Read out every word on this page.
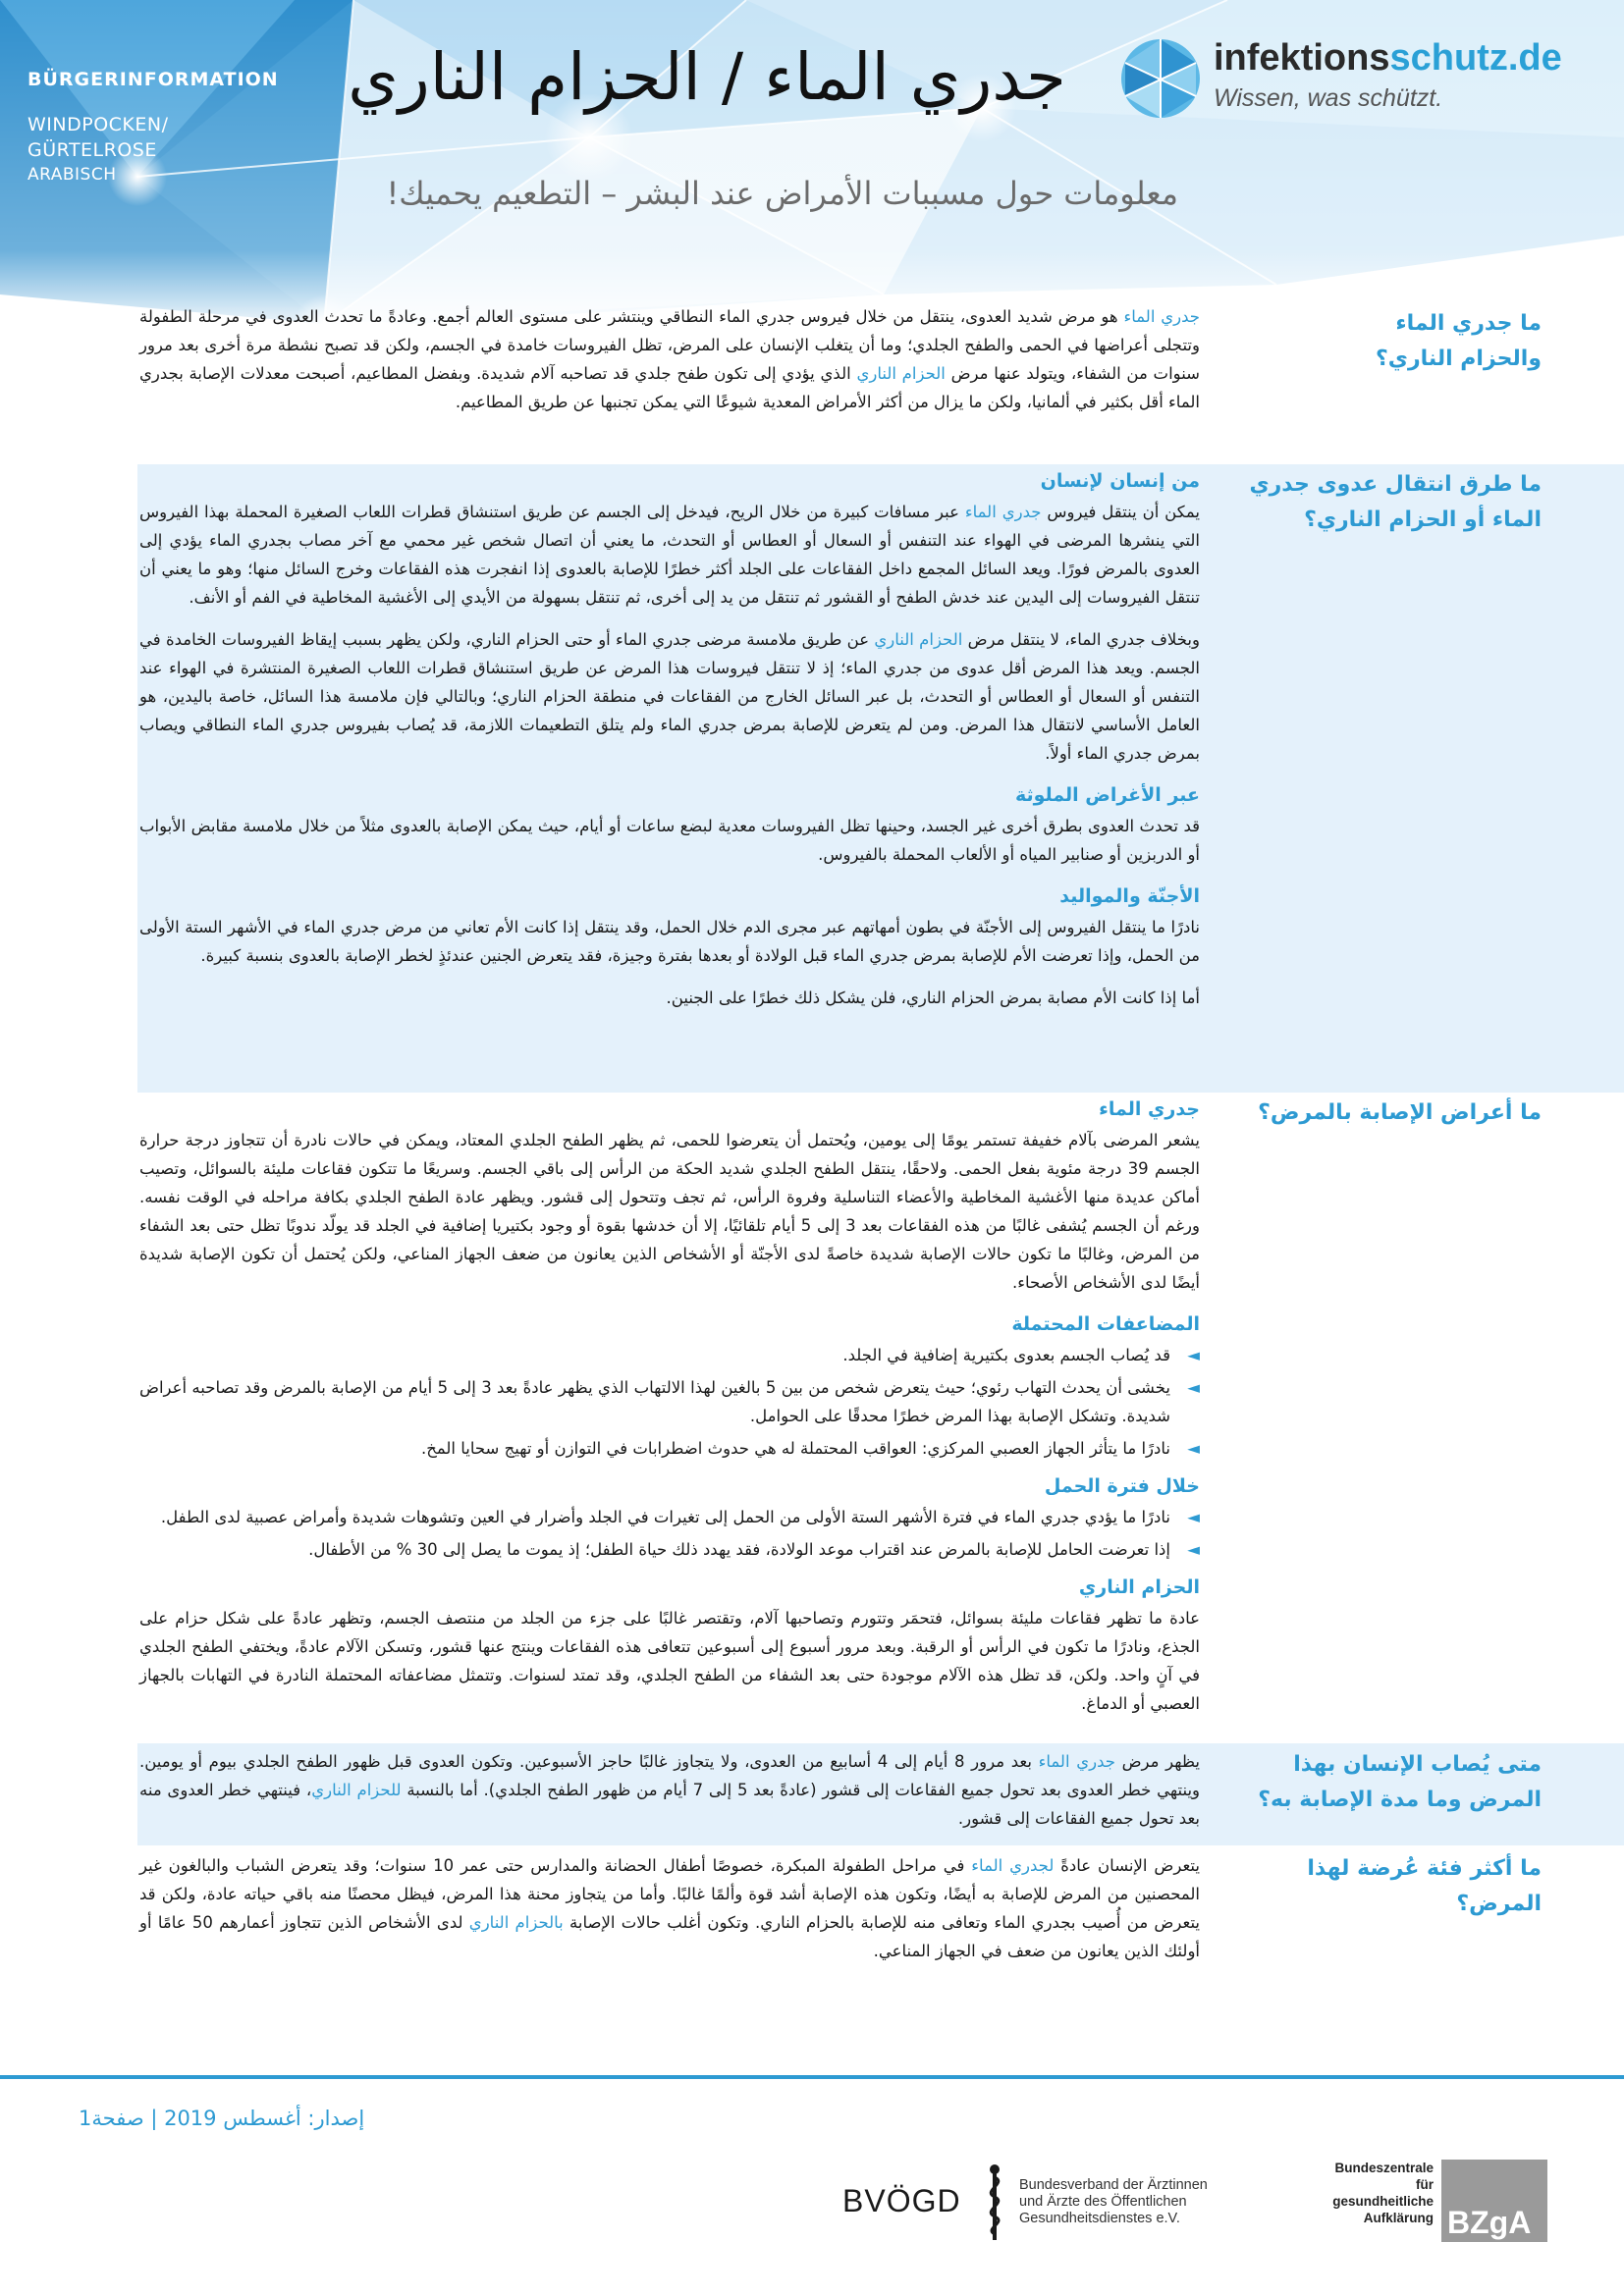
BÜRGERINFORMATION
WINDPOCKEN/
GÜRTELROSE
ARABISCH
جدري الماء / الحزام الناري
معلومات حول مسببات الأمراض عند البشر – التطعيم يحميك!
infektionsschutz.de
Wissen, was schützt.
ما جدري الماء
والحزام الناري؟

جدري الماء هو مرض شديد العدوى، ينتقل من خلال فيروس جدري الماء النطاقي وينتشر على مستوى العالم أجمع. وعادةً ما تحدث العدوى في مرحلة الطفولة وتتجلى أعراضها في الحمى والطفح الجلدي؛ وما أن يتغلب الإنسان على المرض، تظل الفيروسات خامدة في الجسم، ولكن قد تصبح نشطة مرة أخرى بعد مرور سنوات من الشفاء، ويتولد عنها مرض الحزام الناري الذي يؤدي إلى تكون طفح جلدي قد تصاحبه آلام شديدة. وبفضل المطاعيم، أصبحت معدلات الإصابة بجدري الماء أقل بكثير في ألمانيا، ولكن ما يزال من أكثر الأمراض المعدية شيوعًا التي يمكن تجنبها عن طريق المطاعيم.

ما طرق انتقال عدوى جدري
الماء أو الحزام الناري؟
من إنسان لإنسان

يمكن أن ينتقل فيروس جدري الماء عبر مسافات كبيرة من خلال الريح، فيدخل إلى الجسم عن طريق استنشاق قطرات اللعاب الصغيرة المحملة بهذا الفيروس التي ينشرها المرضى في الهواء عند التنفس أو السعال أو العطاس أو التحدث، ما يعني أن اتصال شخص غير محمي مع آخر مصاب بجدري الماء يؤدي إلى العدوى بالمرض فورًا. ويعد السائل المجمع داخل الفقاعات على الجلد أكثر خطرًا للإصابة بالعدوى إذا انفجرت هذه الفقاعات وخرج السائل منها؛ وهو ما يعني أن تنتقل الفيروسات إلى اليدين عند خدش الطفح أو القشور ثم تنتقل من يد إلى أخرى، ثم تنتقل بسهولة من الأيدي إلى الأغشية المخاطية في الفم أو الأنف.

وبخلاف جدري الماء، لا ينتقل مرض الحزام الناري عن طريق ملامسة مرضى جدري الماء أو حتى الحزام الناري، ولكن يظهر بسبب إيقاظ الفيروسات الخامدة في الجسم. ويعد هذا المرض أقل عدوى من جدري الماء؛ إذ لا تنتقل فيروسات هذا المرض عن طريق استنشاق قطرات اللعاب الصغيرة المنتشرة في الهواء عند التنفس أو السعال أو العطاس أو التحدث، بل عبر السائل الخارج من الفقاعات في منطقة الحزام الناري؛ وبالتالي فإن ملامسة هذا السائل، خاصة باليدين، هو العامل الأساسي لانتقال هذا المرض. ومن لم يتعرض للإصابة بمرض جدري الماء ولم يتلق التطعيمات اللازمة، قد يُصاب بفيروس جدري الماء النطاقي ويصاب بمرض جدري الماء أولاً.

عبر الأغراض الملوثة

قد تحدث العدوى بطرق أخرى غير الجسد، وحينها تظل الفيروسات معدية لبضع ساعات أو أيام، حيث يمكن الإصابة بالعدوى مثلاً من خلال ملامسة مقابض الأبواب أو الدربزين أو صنابير المياه أو الألعاب المحملة بالفيروس.

الأجنّة والمواليد

نادرًا ما ينتقل الفيروس إلى الأجنّة في بطون أمهاتهم عبر مجرى الدم خلال الحمل، وقد ينتقل إذا كانت الأم تعاني من مرض جدري الماء في الأشهر الستة الأولى من الحمل، وإذا تعرضت الأم للإصابة بمرض جدري الماء قبل الولادة أو بعدها بفترة وجيزة، فقد يتعرض الجنين عندئذٍ لخطر الإصابة بالعدوى بنسبة كبيرة.

أما إذا كانت الأم مصابة بمرض الحزام الناري، فلن يشكل ذلك خطرًا على الجنين.

ما أعراض الإصابة بالمرض؟
جدري الماء

يشعر المرضى بآلام خفيفة تستمر يومًا إلى يومين، ويُحتمل أن يتعرضوا للحمى، ثم يظهر الطفح الجلدي المعتاد، ويمكن في حالات نادرة أن تتجاوز درجة حرارة الجسم 39 درجة مئوية بفعل الحمى. ولاحقًا، ينتقل الطفح الجلدي شديد الحكة من الرأس إلى باقي الجسم. وسريعًا ما تتكون فقاعات مليئة بالسوائل، وتصيب أماكن عديدة منها الأغشية المخاطية والأعضاء التناسلية وفروة الرأس، ثم تجف وتتحول إلى قشور. ويظهر عادة الطفح الجلدي بكافة مراحله في الوقت نفسه. ورغم أن الجسم يُشفى غالبًا من هذه الفقاعات بعد 3 إلى 5 أيام تلقائيًا، إلا أن خدشها بقوة أو وجود بكتيريا إضافية في الجلد قد يولّد ندوبًا تظل حتى بعد الشفاء من المرض، وغالبًا ما تكون حالات الإصابة شديدة خاصةً لدى الأجنّة أو الأشخاص الذين يعانون من ضعف الجهاز المناعي، ولكن يُحتمل أن تكون الإصابة شديدة أيضًا لدى الأشخاص الأصحاء.

المضاعفات المحتملة
◄
قد يُصاب الجسم بعدوى بكتيرية إضافية في الجلد.
◄
يخشى أن يحدث التهاب رئوي؛ حيث يتعرض شخص من بين 5 بالغين لهذا الالتهاب الذي يظهر عادةً بعد 3 إلى 5 أيام من الإصابة بالمرض وقد تصاحبه أعراض شديدة. وتشكل الإصابة بهذا المرض خطرًا محدقًا على الحوامل.
◄
نادرًا ما يتأثر الجهاز العصبي المركزي: العواقب المحتملة له هي حدوث اضطرابات في التوازن أو تهيج سحايا المخ.
خلال فترة الحمل
◄
نادرًا ما يؤدي جدري الماء في فترة الأشهر الستة الأولى من الحمل إلى تغيرات في الجلد وأضرار في العين وتشوهات شديدة وأمراض عصبية لدى الطفل.
◄
إذا تعرضت الحامل للإصابة بالمرض عند اقتراب موعد الولادة، فقد يهدد ذلك حياة الطفل؛ إذ يموت ما يصل إلى 30 % من الأطفال.
الحزام الناري

عادة ما تظهر فقاعات مليئة بسوائل، فتحمَر وتتورم وتصاحبها آلام، وتقتصر غالبًا على جزء من الجلد من منتصف الجسم، وتظهر عادةً على شكل حزام على الجذع، ونادرًا ما تكون في الرأس أو الرقبة. وبعد مرور أسبوع إلى أسبوعين تتعافى هذه الفقاعات وينتج عنها قشور، وتسكن الآلام عادةً، ويختفي الطفح الجلدي في آنٍ واحد. ولكن، قد تظل هذه الآلام موجودة حتى بعد الشفاء من الطفح الجلدي، وقد تمتد لسنوات. وتتمثل مضاعفاته المحتملة النادرة في التهابات بالجهاز العصبي أو الدماغ.

متى يُصاب الإنسان بهذا
المرض وما مدة الإصابة به؟

يظهر مرض جدري الماء بعد مرور 8 أيام إلى 4 أسابيع من العدوى، ولا يتجاوز غالبًا حاجز الأسبوعين. وتكون العدوى قبل ظهور الطفح الجلدي بيوم أو يومين. وينتهي خطر العدوى بعد تحول جميع الفقاعات إلى قشور (عادةً بعد 5 إلى 7 أيام من ظهور الطفح الجلدي). أما بالنسبة للحزام الناري، فينتهي خطر العدوى منه بعد تحول جميع الفقاعات إلى قشور.

ما أكثر فئة عُرضة لهذا
المرض؟

يتعرض الإنسان عادةً لجدري الماء في مراحل الطفولة المبكرة، خصوصًا أطفال الحضانة والمدارس حتى عمر 10 سنوات؛ وقد يتعرض الشباب والبالغون غير المحصنين من المرض للإصابة به أيضًا، وتكون هذه الإصابة أشد قوة وألمًا غالبًا. وأما من يتجاوز محنة هذا المرض، فيظل محصنًا منه باقي حياته عادة، ولكن قد يتعرض من أُصيب بجدري الماء وتعافى منه للإصابة بالحزام الناري. وتكون أغلب حالات الإصابة بالحزام الناري لدى الأشخاص الذين تتجاوز أعمارهم 50 عامًا أو أولئك الذين يعانون من ضعف في الجهاز المناعي.

إصدار: أغسطس 2019 | صفحة1
BVÖGD	Bundesverband der Ärztinnen
und Ärzte des Öffentlichen
Gesundheitsdienstes e.V.
Bundeszentrale
für
gesundheitliche
Aufklärung BZgA
